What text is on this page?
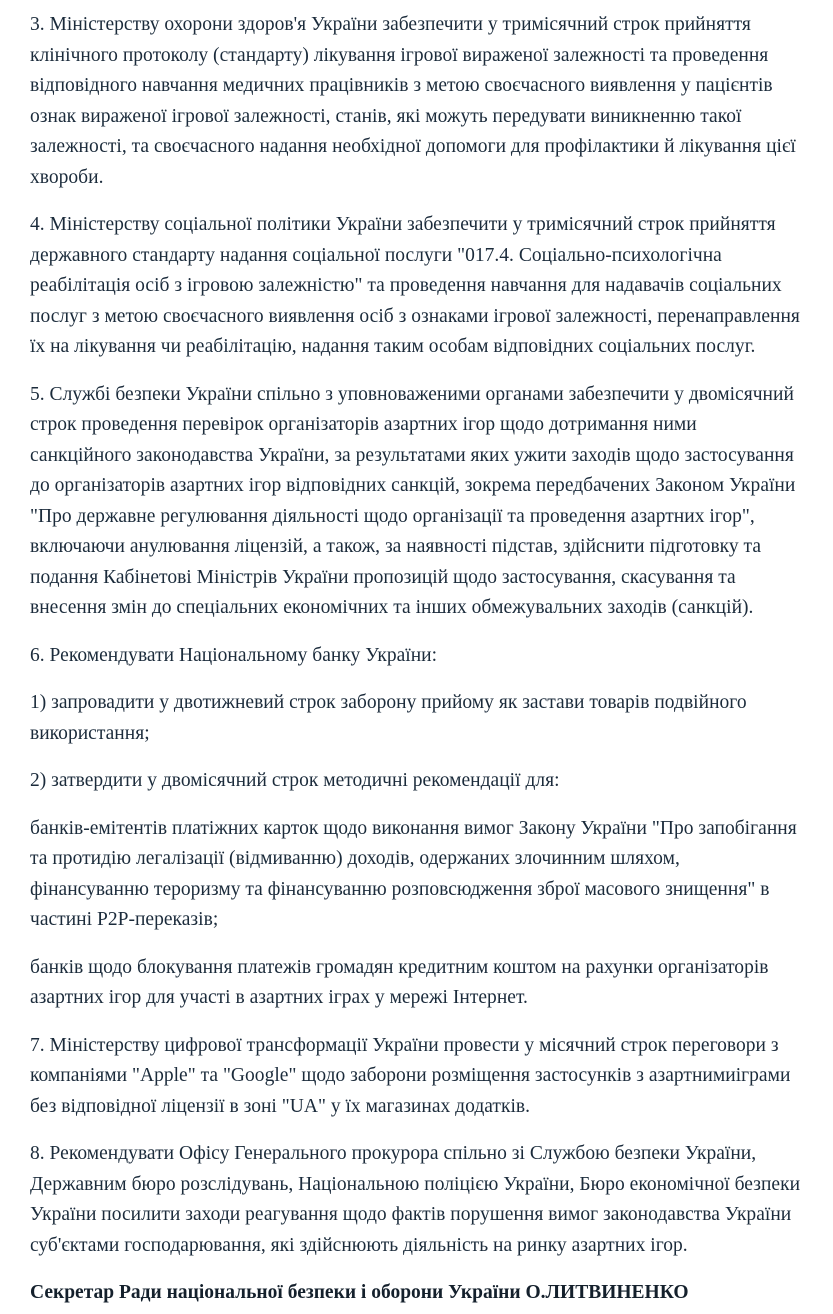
3. Міністерству охорони здоров'я України забезпечити у тримісячний строк прийняття клінічного протоколу (стандарту) лікування ігрової вираженої залежності та проведення відповідного навчання медичних працівників з метою своєчасного виявлення у пацієнтів ознак вираженої ігрової залежності, станів, які можуть передувати виникненню такої залежності, та своєчасного надання необхідної допомоги для профілактики й лікування цієї хвороби.

4. Міністерству соціальної політики України забезпечити у тримісячний строк прийняття державного стандарту надання соціальної послуги "017.4. Соціально-психологічна реабілітація осіб з ігровою залежністю" та проведення навчання для надавачів соціальних послуг з метою своєчасного виявлення осіб з ознаками ігрової залежності, перенаправлення їх на лікування чи реабілітацію, надання таким особам відповідних соціальних послуг.

5. Службі безпеки України спільно з уповноваженими органами забезпечити у двомісячний строк проведення перевірок організаторів азартних ігор щодо дотримання ними санкційного законодавства України, за результатами яких ужити заходів щодо застосування до організаторів азартних ігор відповідних санкцій, зокрема передбачених Законом України "Про державне регулювання діяльності щодо організації та проведення азартних ігор", включаючи анулювання ліцензій, а також, за наявності підстав, здійснити підготовку та подання Кабінетові Міністрів України пропозицій щодо застосування, скасування та внесення змін до спеціальних економічних та інших обмежувальних заходів (санкцій).

6. Рекомендувати Національному банку України:

1) запровадити у двотижневий строк заборону прийому як застави товарів подвійного використання;

2) затвердити у двомісячний строк методичні рекомендації для:

банків-емітентів платіжних карток щодо виконання вимог Закону України "Про запобігання та протидію легалізації (відмиванню) доходів, одержаних злочинним шляхом, фінансуванню тероризму та фінансуванню розповсюдження зброї масового знищення" в частині P2P-переказів;

банків щодо блокування платежів громадян кредитним коштом на рахунки організаторів азартних ігор для участі в азартних іграх у мережі Інтернет.

7. Міністерству цифрової трансформації України провести у місячний строк переговори з компаніями "Apple" та "Google" щодо заборони розміщення застосунків з азартнимиіграми без відповідної ліцензії в зоні "UA" у їх магазинах додатків.

8. Рекомендувати Офісу Генерального прокурора спільно зі Службою безпеки України, Державним бюро розслідувань, Національною поліцією України, Бюро економічної безпеки України посилити заходи реагування щодо фактів порушення вимог законодавства України суб'єктами господарювання, які здійснюють діяльність на ринку азартних ігор.

Секретар Ради національної безпеки і оборони України О.ЛИТВИНЕНКО
